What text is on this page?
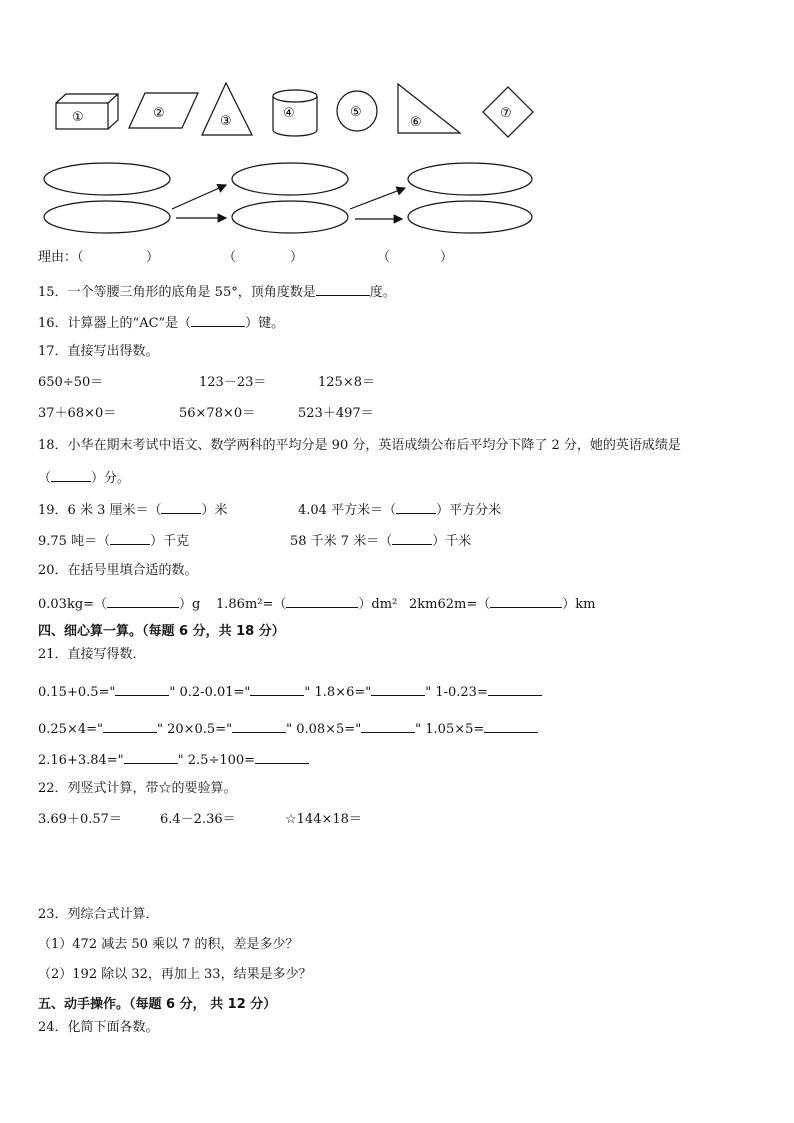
①	②
③
④	⑤
⑥
⑦
理由：（	）	（	）	（	）
15．一个等腰三角形的底角是 55°，顶角度数是	度。
16．计算器上的“AC”是（	）键。
17．直接写出得数。
650÷50＝	123－23＝	125×8＝
37＋68×0＝	56×78×0＝	523＋497＝
18．小华在期末考试中语文、数学两科的平均分是 90 分，英语成绩公布后平均分下降了 2 分，她的英语成绩是
（	）分。
19．6 米 3 厘米＝（	）米	4.04 平方米＝（	）平方分米
9.75 吨＝（	）千克	58 千米 7 米＝（	）千米
20．在括号里填合适的数。
0.03kg=（	）g 1.86m²=（	）dm² 2km62m=（	）km
四、细心算一算。（每题 6 分，共 18 分）
21．直接写得数．
0.15+0.5="	" 0.2-0.01="	" 1.8×6="	" 1-0.23=
0.25×4="	" 20×0.5="	" 0.08×5="	" 1.05×5=
2.16+3.84="	" 2.5÷100=
22．列竖式计算，带☆的要验算。
3.69＋0.57＝	6.4－2.36＝	☆144×18＝
23．列综合式计算．
（1）472 减去 50 乘以 7 的积，差是多少？
（2）192 除以 32，再加上 33，结果是多少？
五、动手操作。（每题 6 分， 共 12 分）
24．化简下面各数。
